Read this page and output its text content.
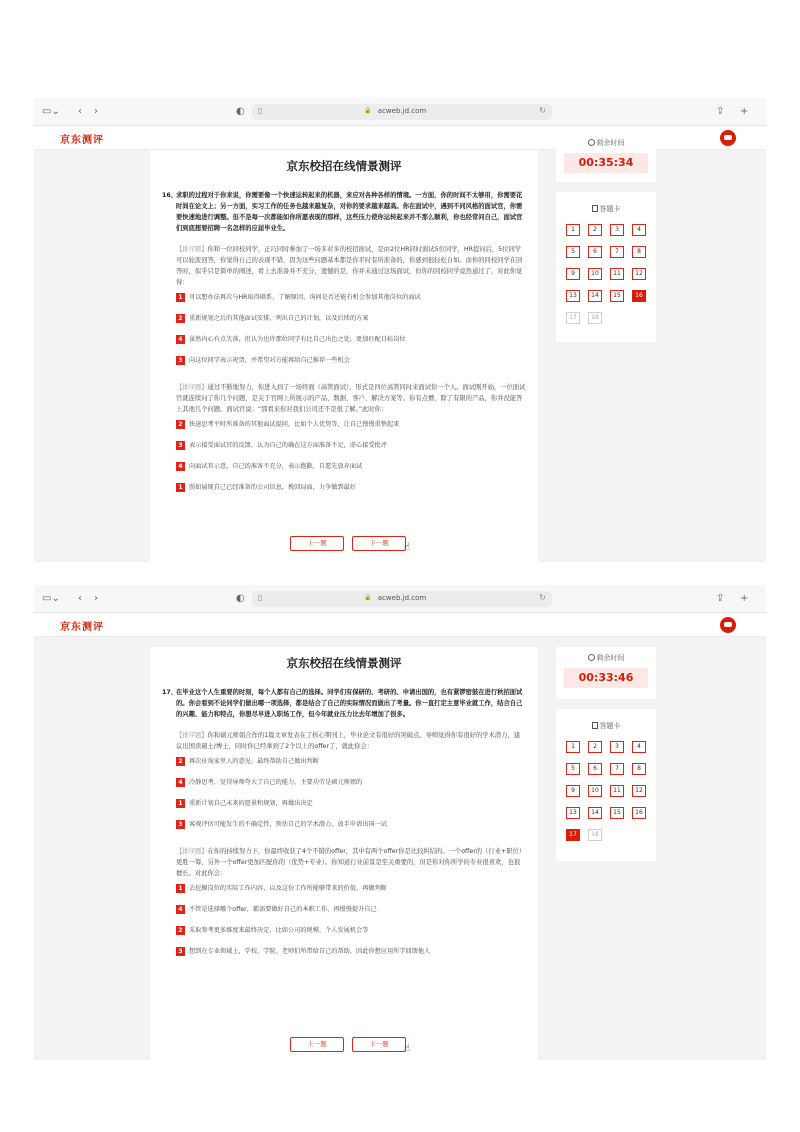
▭⌄ ‹ ›	◐ ▯	🔒 acweb.jd.com	↻	⇪ +
京东测评
京东校招在线情景测评
16、
求职的过程对于你来说，你需要像一个快速运转起来的机器，来应对各种各样的情境。一方面，你的时间不太够用，你需要花时间在论文上；另一方面，实习工作的任务也越来越复杂，对你的要求越来越高。你在面试中，遇到不同风格的面试官，你需要快速地进行调整。但不是每一次都能如你所愿表现的那样，这些压力使你运转起来并不那么顺利，你也经常问自己，面试官们到底想要招聘一名怎样的应届毕业生。
【排序题】你和一位同校同学，正巧同时参加了一场多对多的校招面试，是由2位HR同时面试5位同学，HR提问后，5位同学可以轮流回答，你觉得自己的表现不错，因为这些问题基本都是你平时有所准备的，你感到很轻松自如。而你的同校同学在回答时，似乎只是简单的阐述，看上去准备并不充分，遗憾的是，你并未通过这场面试，但你的同校同学竟然通过了，对此你觉得：
1	可以想办法再次与HR取得联系，了解原因，询问是否还能有机会参加其他岗位的面试
2	重新规划之后的其他面试安排，列出自己的计划，以及后续的方案
4	虽然内心有点失落，但认为也许那位同学有比自己出色之处，更加匹配目标岗位
3	向这位同学表示祝贺，并希望对方能再给自己推荐一些机会
【排序题】通过不断地努力，你进入到了一场终面（高管面试），形式是四位高管同时来面试你一个人。面试刚开始，一位面试官就连续问了你几个问题，是关于官网上所展示的产品、数据、客户、解决方案等。你有点懵，除了有限的产品，你并没能答上其他几个问题。面试官说：“那看来你对我们公司还不是很了解。”此时你：
2	快速思考平时所准备的其他面试提问，比如个人优势等，让自己慢慢重整起来
3	表示接受面试官的反馈，认为自己的确在这方面准备不足，虚心接受批评
4	向面试官示意，自己的准备不充分，表示抱歉，自愿先放弃面试
1	照如展现自己已经准备的公司信息，挽回局面，力争做到最好
上一题	下一题	☝
剩余时间
00:35:34
答题卡
1	2	3	4
5	6	7	8
9	10	11	12
13	14	15	16
17	18
▭⌄ ‹ ›	◐ ▯	🔒 acweb.jd.com	↻	⇪ +
京东测评
京东校招在线情景测评
17、
在毕业这个人生重要的时刻，每个人都有自己的选择。同学们有保研的、考研的、申请出国的，也有紧锣密鼓在进行秋招面试的。你会看到不论同学们做出哪一项选择，都是结合了自己的实际情况而做出了考量。你一直打定主意毕业就工作，结合自己的兴趣、能力和特点，你想尽早进入职场工作，但今年就业压力比去年增加了很多。
【排序题】你和硕元师姐合作的1篇文章发表在了核心期刊上，毕业论文有很好的突破点。导师觉得你有很好的学术潜力，建议出国读硕士/博士，同时你已经拿到了2个以上的offer了，就此你会：
2	再次征询家里人的意见，最终帮助自己做出判断
4	冷静思考，觉得导师夸大了自己的能力，主要功劳是硕元师姐的
1	重新计划自己未来的愿景和规划，再做出决定
3	客观评估可能发生的不确定性，预估自己的学术潜力，放手申请出国一试
【排序题】在你的持续努力下，你最终收获了4个不错的offer，其中有两个offer你是比较纠结的。一个offer的（行业+职位）更胜一筹，另外一个offer更加匹配你的（优势+专业）。你知道行业前景是至关重要的，但是你对你所学的专业很喜欢，也很擅长。对此你会：
1	去挖掘岗位的实际工作内容，以及这份工作所能够带来的价值，再做判断
4	不管是选择哪个offer，都需要做好自己的本职工作，再慢慢提升自己
2	采取参考更多维度来最终决定，比如公司的规模、个人发展机会等
3	想到在专业领域上，学校、学院、老师们所带给自己的帮助，因此你想应用所学回馈他人
上一题	下一题	☝
剩余时间
00:33:46
答题卡
1	2	3	4
5	6	7	8
9	10	11	12
13	14	15	16
17	18
